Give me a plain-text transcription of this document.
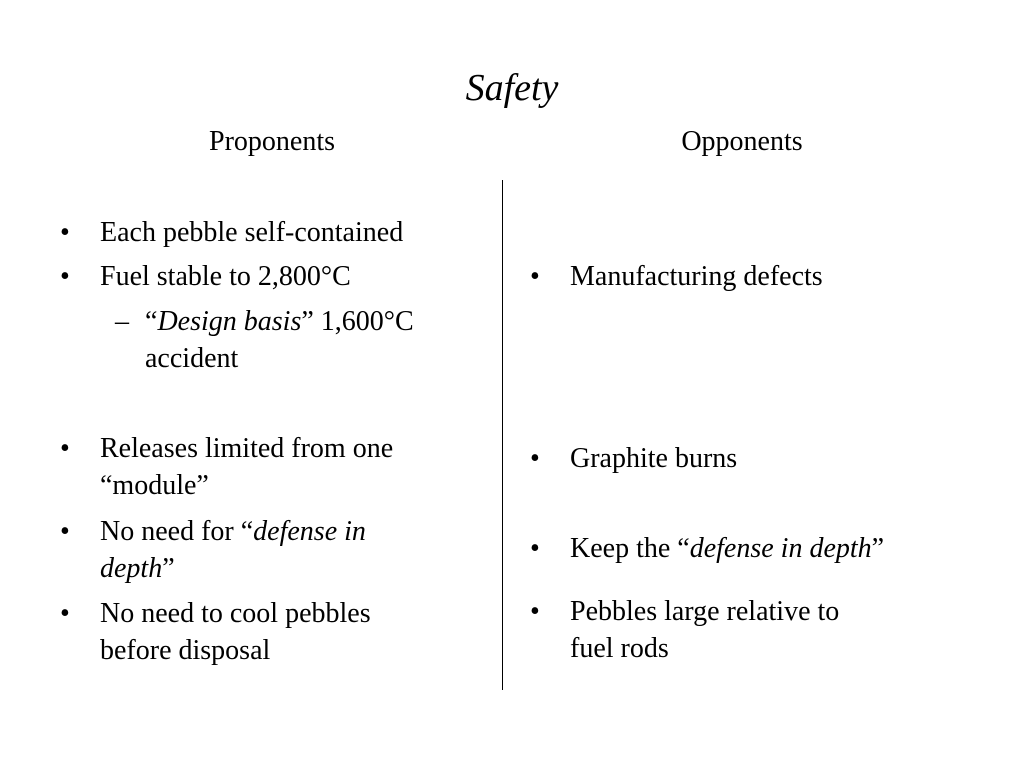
Safety
Proponents	Opponents
• Each pebble self-contained
• Fuel stable to 2,800°C
– “Design basis” 1,600°C
accident
• Releases limited from one
“module”
• No need for “defense in
depth”
• No need to cool pebbles
before disposal
• Manufacturing defects
• Graphite burns
• Keep the “defense in depth”
• Pebbles large relative to
fuel rods
